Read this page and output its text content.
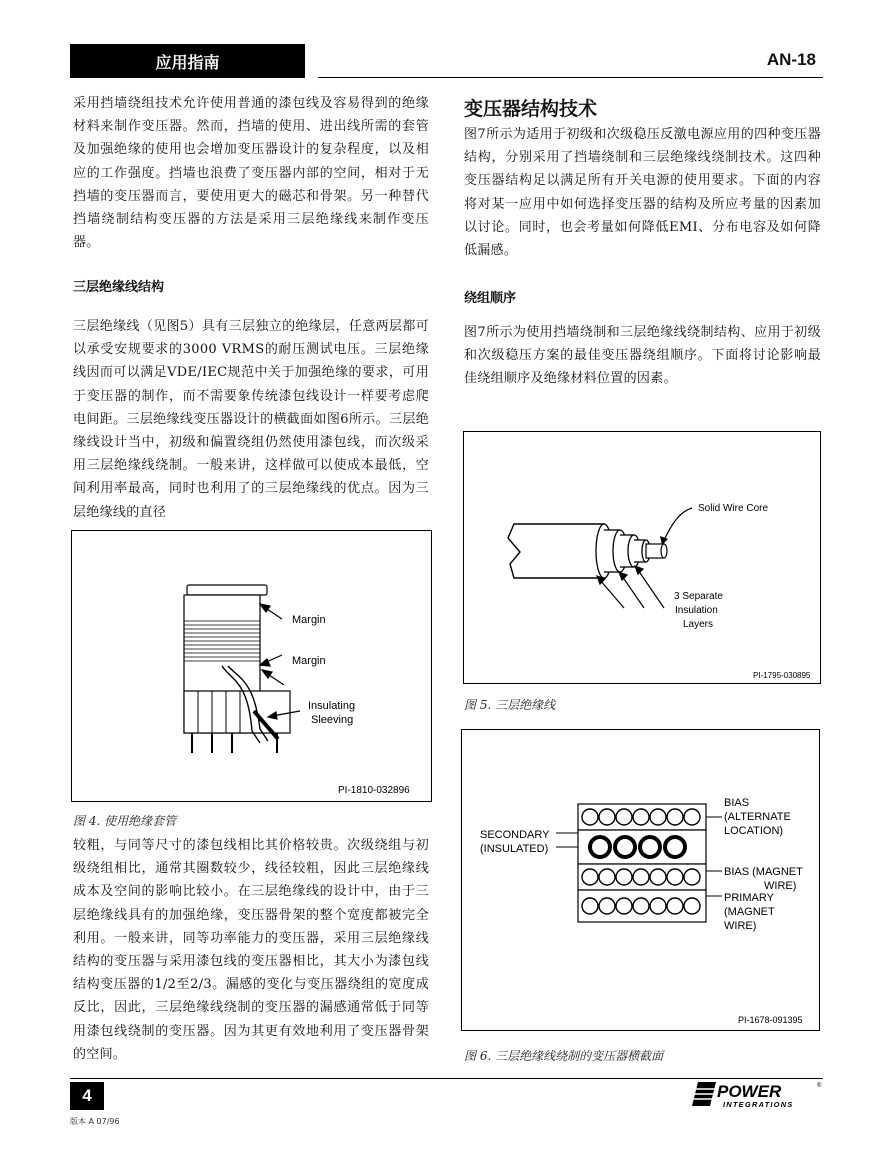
应用指南	AN-18

采用挡墙绕组技术允许使用普通的漆包线及容易得到的绝缘材料来制作变压器。然而，挡墙的使用、进出线所需的套管及加强绝缘的使用也会增加变压器设计的复杂程度，以及相应的工作强度。挡墙也浪费了变压器内部的空间，相对于无挡墙的变压器而言，要使用更大的磁芯和骨架。另一种替代挡墙绕制结构变压器的方法是采用三层绝缘线来制作变压器。

三层绝缘线结构

三层绝缘线（见图5）具有三层独立的绝缘层，任意两层都可以承受安规要求的3000 VRMS的耐压测试电压。三层绝缘线因而可以满足VDE/IEC规范中关于加强绝缘的要求，可用于变压器的制作，而不需要象传统漆包线设计一样要考虑爬电间距。三层绝缘线变压器设计的横截面如图6所示。三层绝缘线设计当中，初级和偏置绕组仍然使用漆包线，而次级采用三层绝缘线绕制。一般来讲，这样做可以使成本最低，空间利用率最高，同时也利用了的三层绝缘线的优点。因为三层绝缘线的直径

Margin
Margin
Insulating
Sleeving
PI-1810-032896
图 4. 使用绝缘套管

较粗，与同等尺寸的漆包线相比其价格较贵。次级绕组与初级绕组相比，通常其圈数较少，线径较粗，因此三层绝缘线成本及空间的影响比较小。在三层绝缘线的设计中，由于三层绝缘线具有的加强绝缘，变压器骨架的整个宽度都被完全利用。一般来讲，同等功率能力的变压器，采用三层绝缘线结构的变压器与采用漆包线的变压器相比，其大小为漆包线结构变压器的1/2至2/3。漏感的变化与变压器绕组的宽度成反比，因此，三层绝缘线绕制的变压器的漏感通常低于同等用漆包线绕制的变压器。因为其更有效地利用了变压器骨架的空间。

变压器结构技术

图7所示为适用于初级和次级稳压反激电源应用的四种变压器结构，分别采用了挡墙绕制和三层绝缘线绕制技术。这四种变压器结构足以满足所有开关电源的使用要求。下面的内容将对某一应用中如何选择变压器的结构及所应考量的因素加以讨论。同时，也会考量如何降低EMI、分布电容及如何降低漏感。

绕组顺序

图7所示为使用挡墙绕制和三层绝缘线绕制结构、应用于初级和次级稳压方案的最佳变压器绕组顺序。下面将讨论影响最佳绕组顺序及绝缘材料位置的因素。

Solid Wire Core
3 Separate
Insulation
Layers
PI-1795-030895
图 5. 三层绝缘线
BIAS
(ALTERNATE
LOCATION)
SECONDARY
(INSULATED)
BIAS (MAGNET
WIRE)
PRIMARY
(MAGNET
WIRE)
PI-1678-091395
图 6. 三层绝缘线绕制的变压器横截面
4
版本 A 07/96
POWER
INTEGRATIONS
®
